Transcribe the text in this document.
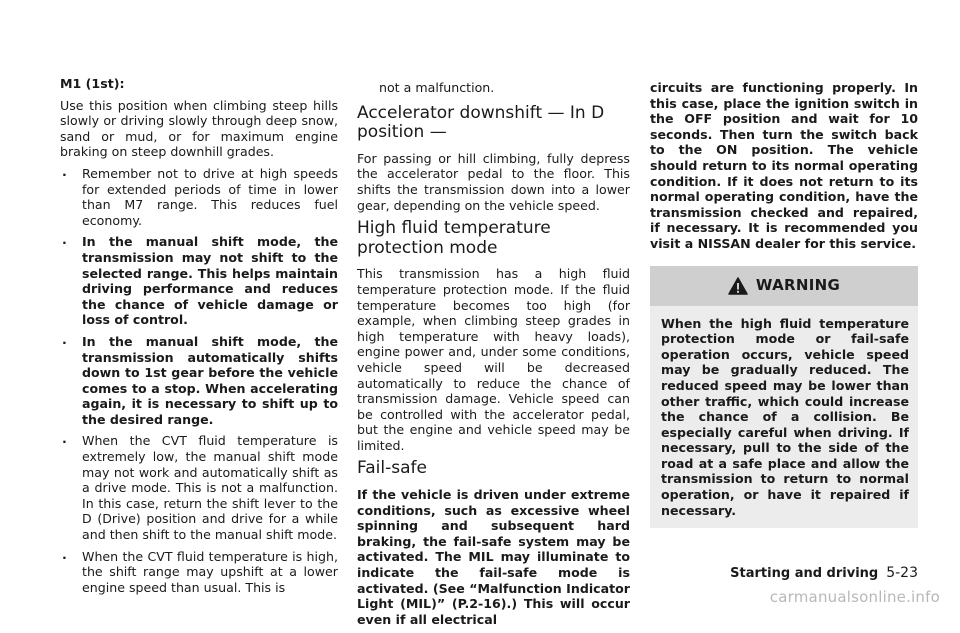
M1 (1st):

Use this position when climbing steep hills slowly or driving slowly through deep snow, sand or mud, or for maximum engine braking on steep downhill grades.

. Remember not to drive at high speeds for extended periods of time in lower than M7 range. This reduces fuel economy.
. In the manual shift mode, the transmission may not shift to the selected range. This helps maintain driving performance and reduces the chance of vehicle damage or loss of control.
. In the manual shift mode, the transmission automatically shifts down to 1st gear before the vehicle comes to a stop. When accelerating again, it is necessary to shift up to the desired range.
. When the CVT fluid temperature is extremely low, the manual shift mode may not work and automatically shift as a drive mode. This is not a malfunction. In this case, return the shift lever to the D (Drive) position and drive for a while and then shift to the manual shift mode.
. When the CVT fluid temperature is high, the shift range may upshift at a lower engine speed than usual. This is
not a malfunction.
Accelerator downshift — In D position —

For passing or hill climbing, fully depress the accelerator pedal to the floor. This shifts the transmission down into a lower gear, depending on the vehicle speed.

High fluid temperature protection mode

This transmission has a high fluid temperature protection mode. If the fluid temperature becomes too high (for example, when climbing steep grades in high temperature with heavy loads), engine power and, under some conditions, vehicle speed will be decreased automatically to reduce the chance of transmission damage. Vehicle speed can be controlled with the accelerator pedal, but the engine and vehicle speed may be limited.

Fail-safe

If the vehicle is driven under extreme conditions, such as excessive wheel spinning and subsequent hard braking, the fail-safe system may be activated. The MIL may illuminate to indicate the fail-safe mode is activated. (See “Malfunction Indicator Light (MIL)” (P.2-16).) This will occur even if all electrical

circuits are functioning properly. In this case, place the ignition switch in the OFF position and wait for 10 seconds. Then turn the switch back to the ON position. The vehicle should return to its normal operating condition. If it does not return to its normal operating condition, have the transmission checked and repaired, if necessary. It is recommended you visit a NISSAN dealer for this service.

WARNING
When the high fluid temperature protection mode or fail-safe operation occurs, vehicle speed may be gradually reduced. The reduced speed may be lower than other traffic, which could increase the chance of a collision. Be especially careful when driving. If necessary, pull to the side of the road at a safe place and allow the transmission to return to normal operation, or have it repaired if necessary.
Starting and driving 5-23
carmanualsonline.info
